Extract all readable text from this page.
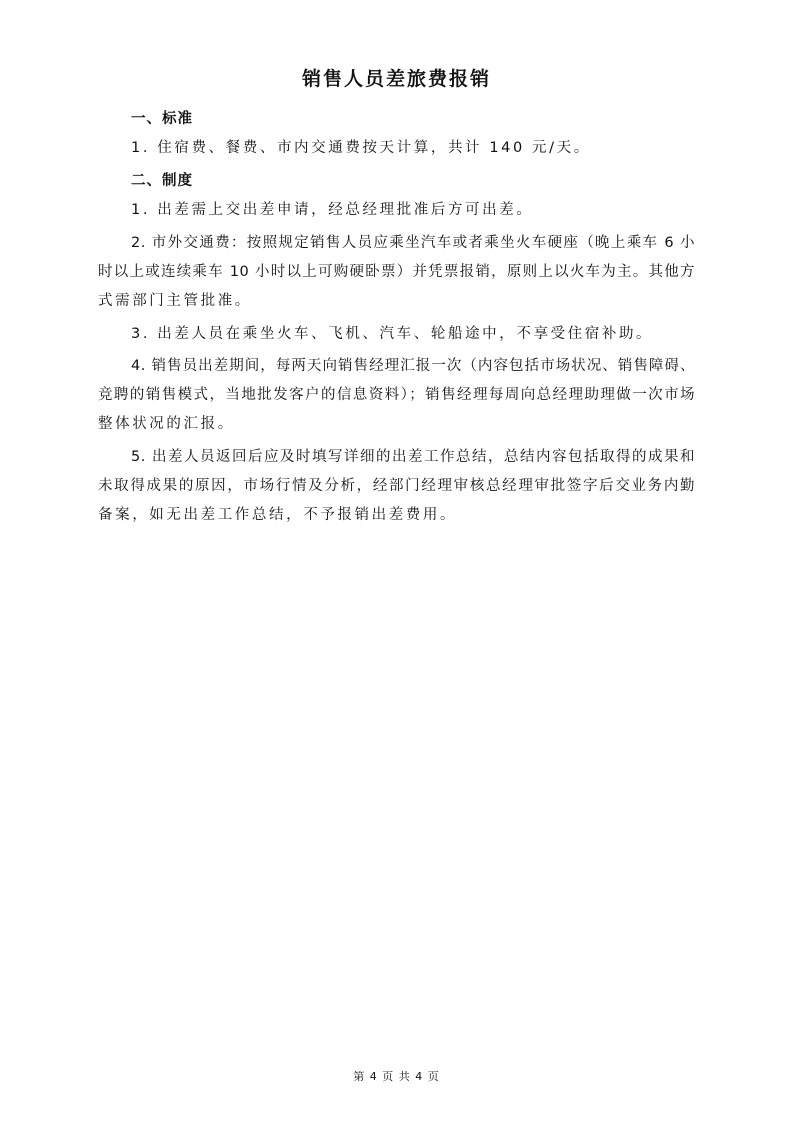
销售人员差旅费报销
一、标准
1. 住宿费、餐费、市内交通费按天计算，共计 140 元/天。
二、制度
1. 出差需上交出差申请，经总经理批准后方可出差。
2. 市外交通费：按照规定销售人员应乘坐汽车或者乘坐火车硬座（晚上乘车 6 小
时以上或连续乘车 10 小时以上可购硬卧票）并凭票报销，原则上以火车为主。其他方
式需部门主管批准。
3. 出差人员在乘坐火车、飞机、汽车、轮船途中，不享受住宿补助。
4. 销售员出差期间，每两天向销售经理汇报一次（内容包括市场状况、销售障碍、
竞聘的销售模式，当地批发客户的信息资料）；销售经理每周向总经理助理做一次市场
整体状况的汇报。
5. 出差人员返回后应及时填写详细的出差工作总结，总结内容包括取得的成果和
未取得成果的原因，市场行情及分析，经部门经理审核总经理审批签字后交业务内勤
备案，如无出差工作总结，不予报销出差费用。
第 4 页 共 4 页
